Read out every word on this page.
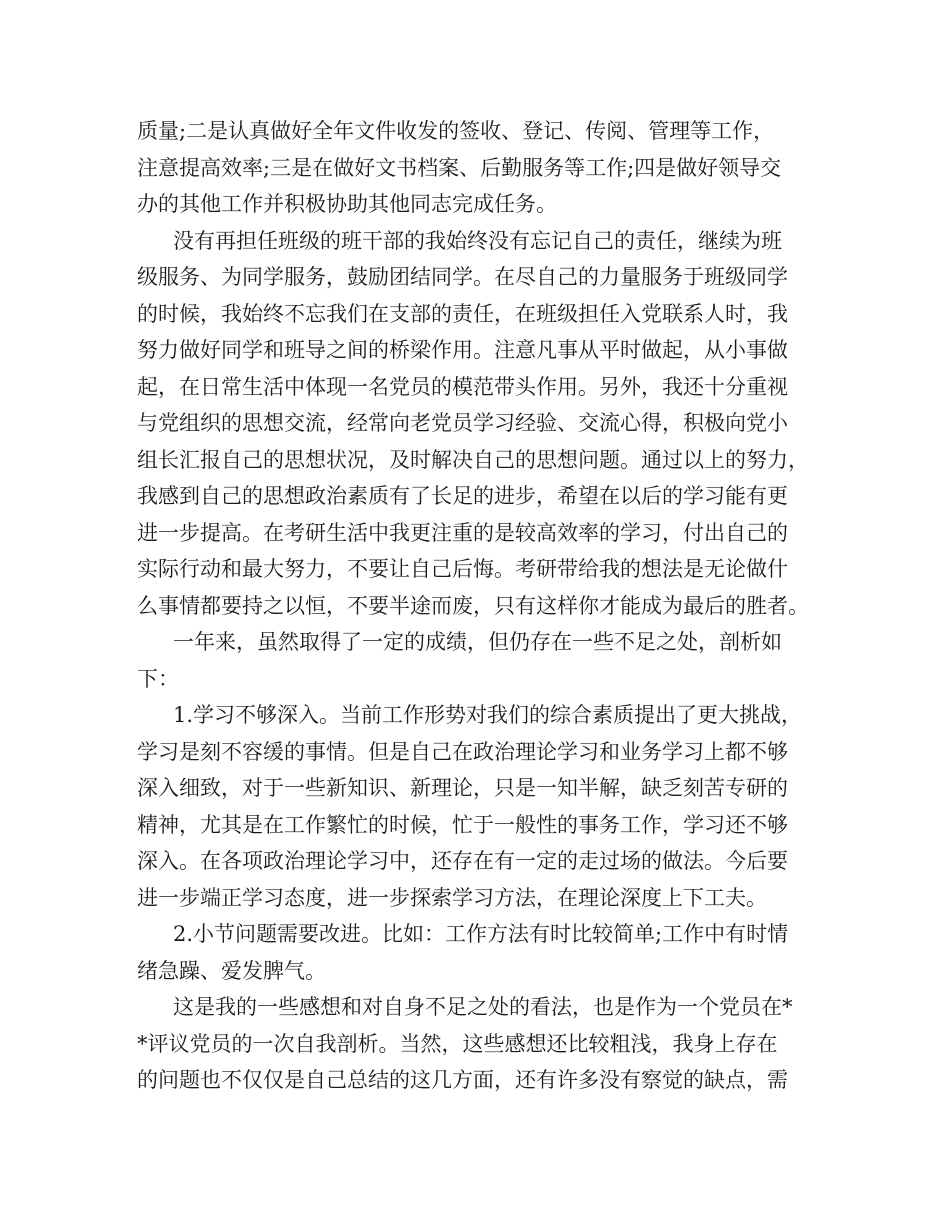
质量;二是认真做好全年文件收发的签收、登记、传阅、管理等工作，
注意提高效率;三是在做好文书档案、后勤服务等工作;四是做好领导交
办的其他工作并积极协助其他同志完成任务。
没有再担任班级的班干部的我始终没有忘记自己的责任，继续为班
级服务、为同学服务，鼓励团结同学。在尽自己的力量服务于班级同学
的时候，我始终不忘我们在支部的责任，在班级担任入党联系人时，我
努力做好同学和班导之间的桥梁作用。注意凡事从平时做起，从小事做
起，在日常生活中体现一名党员的模范带头作用。另外，我还十分重视
与党组织的思想交流，经常向老党员学习经验、交流心得，积极向党小
组长汇报自己的思想状况，及时解决自己的思想问题。通过以上的努力，
我感到自己的思想政治素质有了长足的进步，希望在以后的学习能有更
进一步提高。在考研生活中我更注重的是较高效率的学习，付出自己的
实际行动和最大努力，不要让自己后悔。考研带给我的想法是无论做什
么事情都要持之以恒，不要半途而废，只有这样你才能成为最后的胜者。
一年来，虽然取得了一定的成绩，但仍存在一些不足之处，剖析如
下：
1.学习不够深入。当前工作形势对我们的综合素质提出了更大挑战，
学习是刻不容缓的事情。但是自己在政治理论学习和业务学习上都不够
深入细致，对于一些新知识、新理论，只是一知半解，缺乏刻苦专研的
精神，尤其是在工作繁忙的时候，忙于一般性的事务工作，学习还不够
深入。在各项政治理论学习中，还存在有一定的走过场的做法。今后要
进一步端正学习态度，进一步探索学习方法，在理论深度上下工夫。
2.小节问题需要改进。比如：工作方法有时比较简单;工作中有时情
绪急躁、爱发脾气。
这是我的一些感想和对自身不足之处的看法，也是作为一个党员在*
*评议党员的一次自我剖析。当然，这些感想还比较粗浅，我身上存在
的问题也不仅仅是自己总结的这几方面，还有许多没有察觉的缺点，需
